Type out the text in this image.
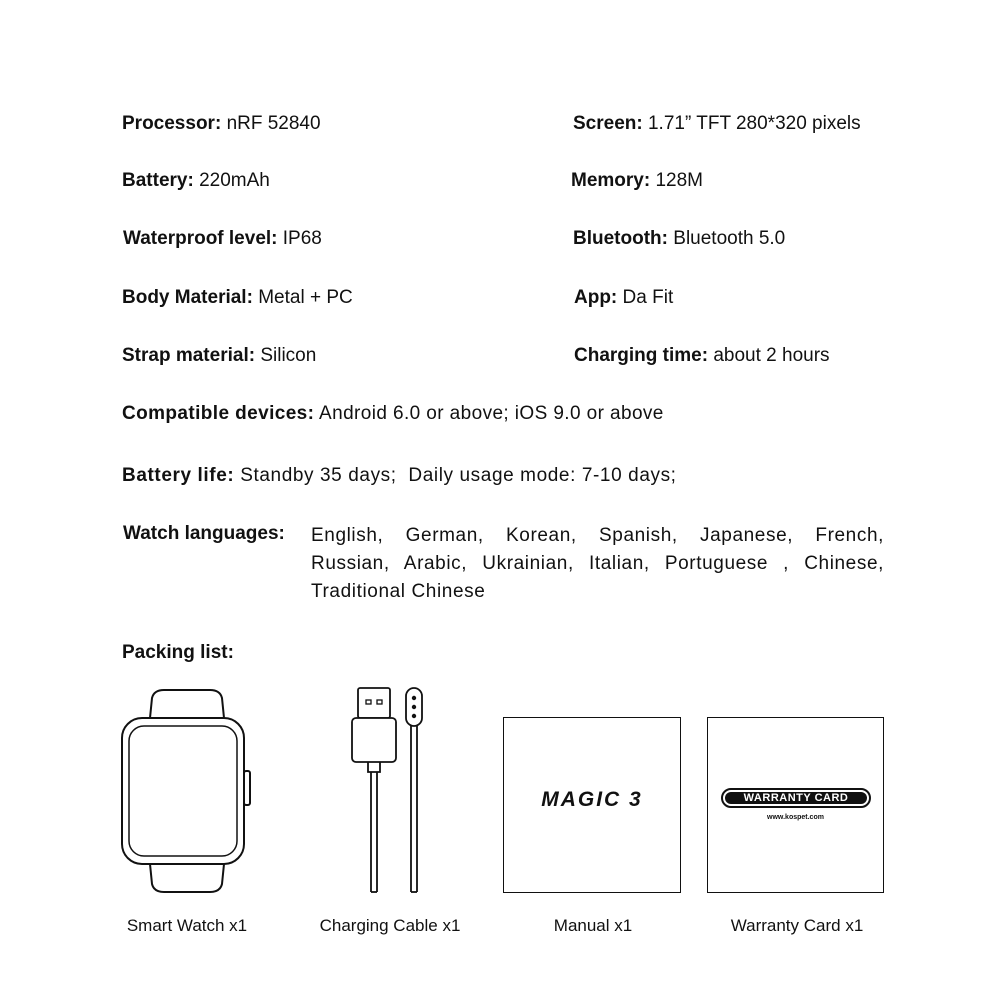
Processor: nRF 52840	Screen: 1.71” TFT 280*320 pixels
Battery: 220mAh	Memory: 128M
Waterproof level: IP68	Bluetooth: Bluetooth 5.0
Body Material: Metal + PC	App: Da Fit
Strap material: Silicon	Charging time: about 2 hours
Compatible devices: Android 6.0 or above; iOS 9.0 or above
Battery life: Standby 35 days;  Daily usage mode: 7-10 days;
Watch languages: English, German, Korean, Spanish, Japanese, French, Russian, Arabic, Ukrainian, Italian, Portuguese , Chinese, Traditional Chinese
Packing list:
MAGIC 3	WARRANTY CARD
www.kospet.com
Smart Watch x1	Charging Cable x1	Manual x1	Warranty Card x1
